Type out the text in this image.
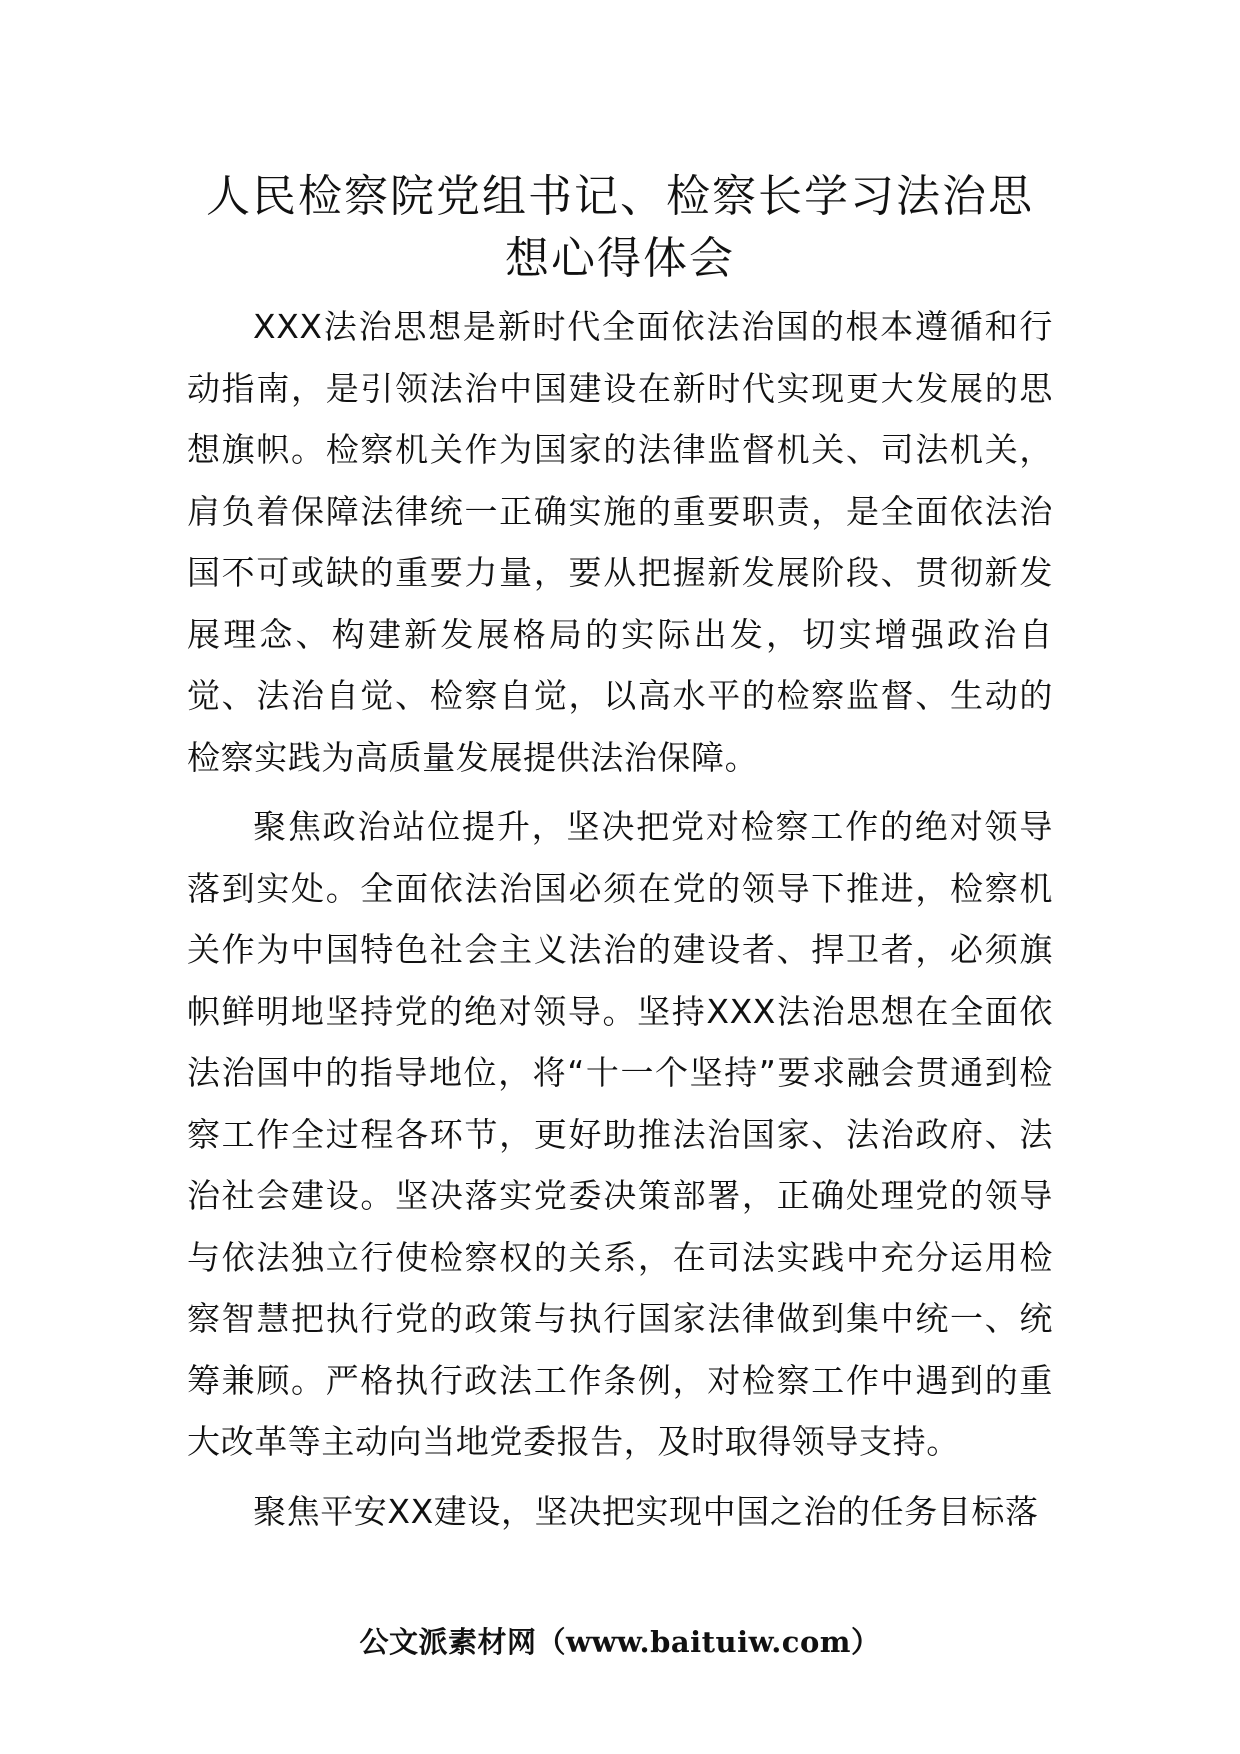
人民检察院党组书记、检察长学习法治思
想心得体会

XXX法治思想是新时代全面依法治国的根本遵循和行动指南，是引领法治中国建设在新时代实现更大发展的思想旗帜。检察机关作为国家的法律监督机关、司法机关，肩负着保障法律统一正确实施的重要职责，是全面依法治国不可或缺的重要力量，要从把握新发展阶段、贯彻新发展理念、构建新发展格局的实际出发，切实增强政治自觉、法治自觉、检察自觉，以高水平的检察监督、生动的检察实践为高质量发展提供法治保障。

聚焦政治站位提升，坚决把党对检察工作的绝对领导落到实处。全面依法治国必须在党的领导下推进，检察机关作为中国特色社会主义法治的建设者、捍卫者，必须旗帜鲜明地坚持党的绝对领导。坚持XXX法治思想在全面依法治国中的指导地位，将“十一个坚持”要求融会贯通到检察工作全过程各环节，更好助推法治国家、法治政府、法治社会建设。坚决落实党委决策部署，正确处理党的领导与依法独立行使检察权的关系，在司法实践中充分运用检察智慧把执行党的政策与执行国家法律做到集中统一、统筹兼顾。严格执行政法工作条例，对检察工作中遇到的重大改革等主动向当地党委报告，及时取得领导支持。

聚焦平安XX建设，坚决把实现中国之治的任务目标落

公文派素材网（www.baituiw.com）
